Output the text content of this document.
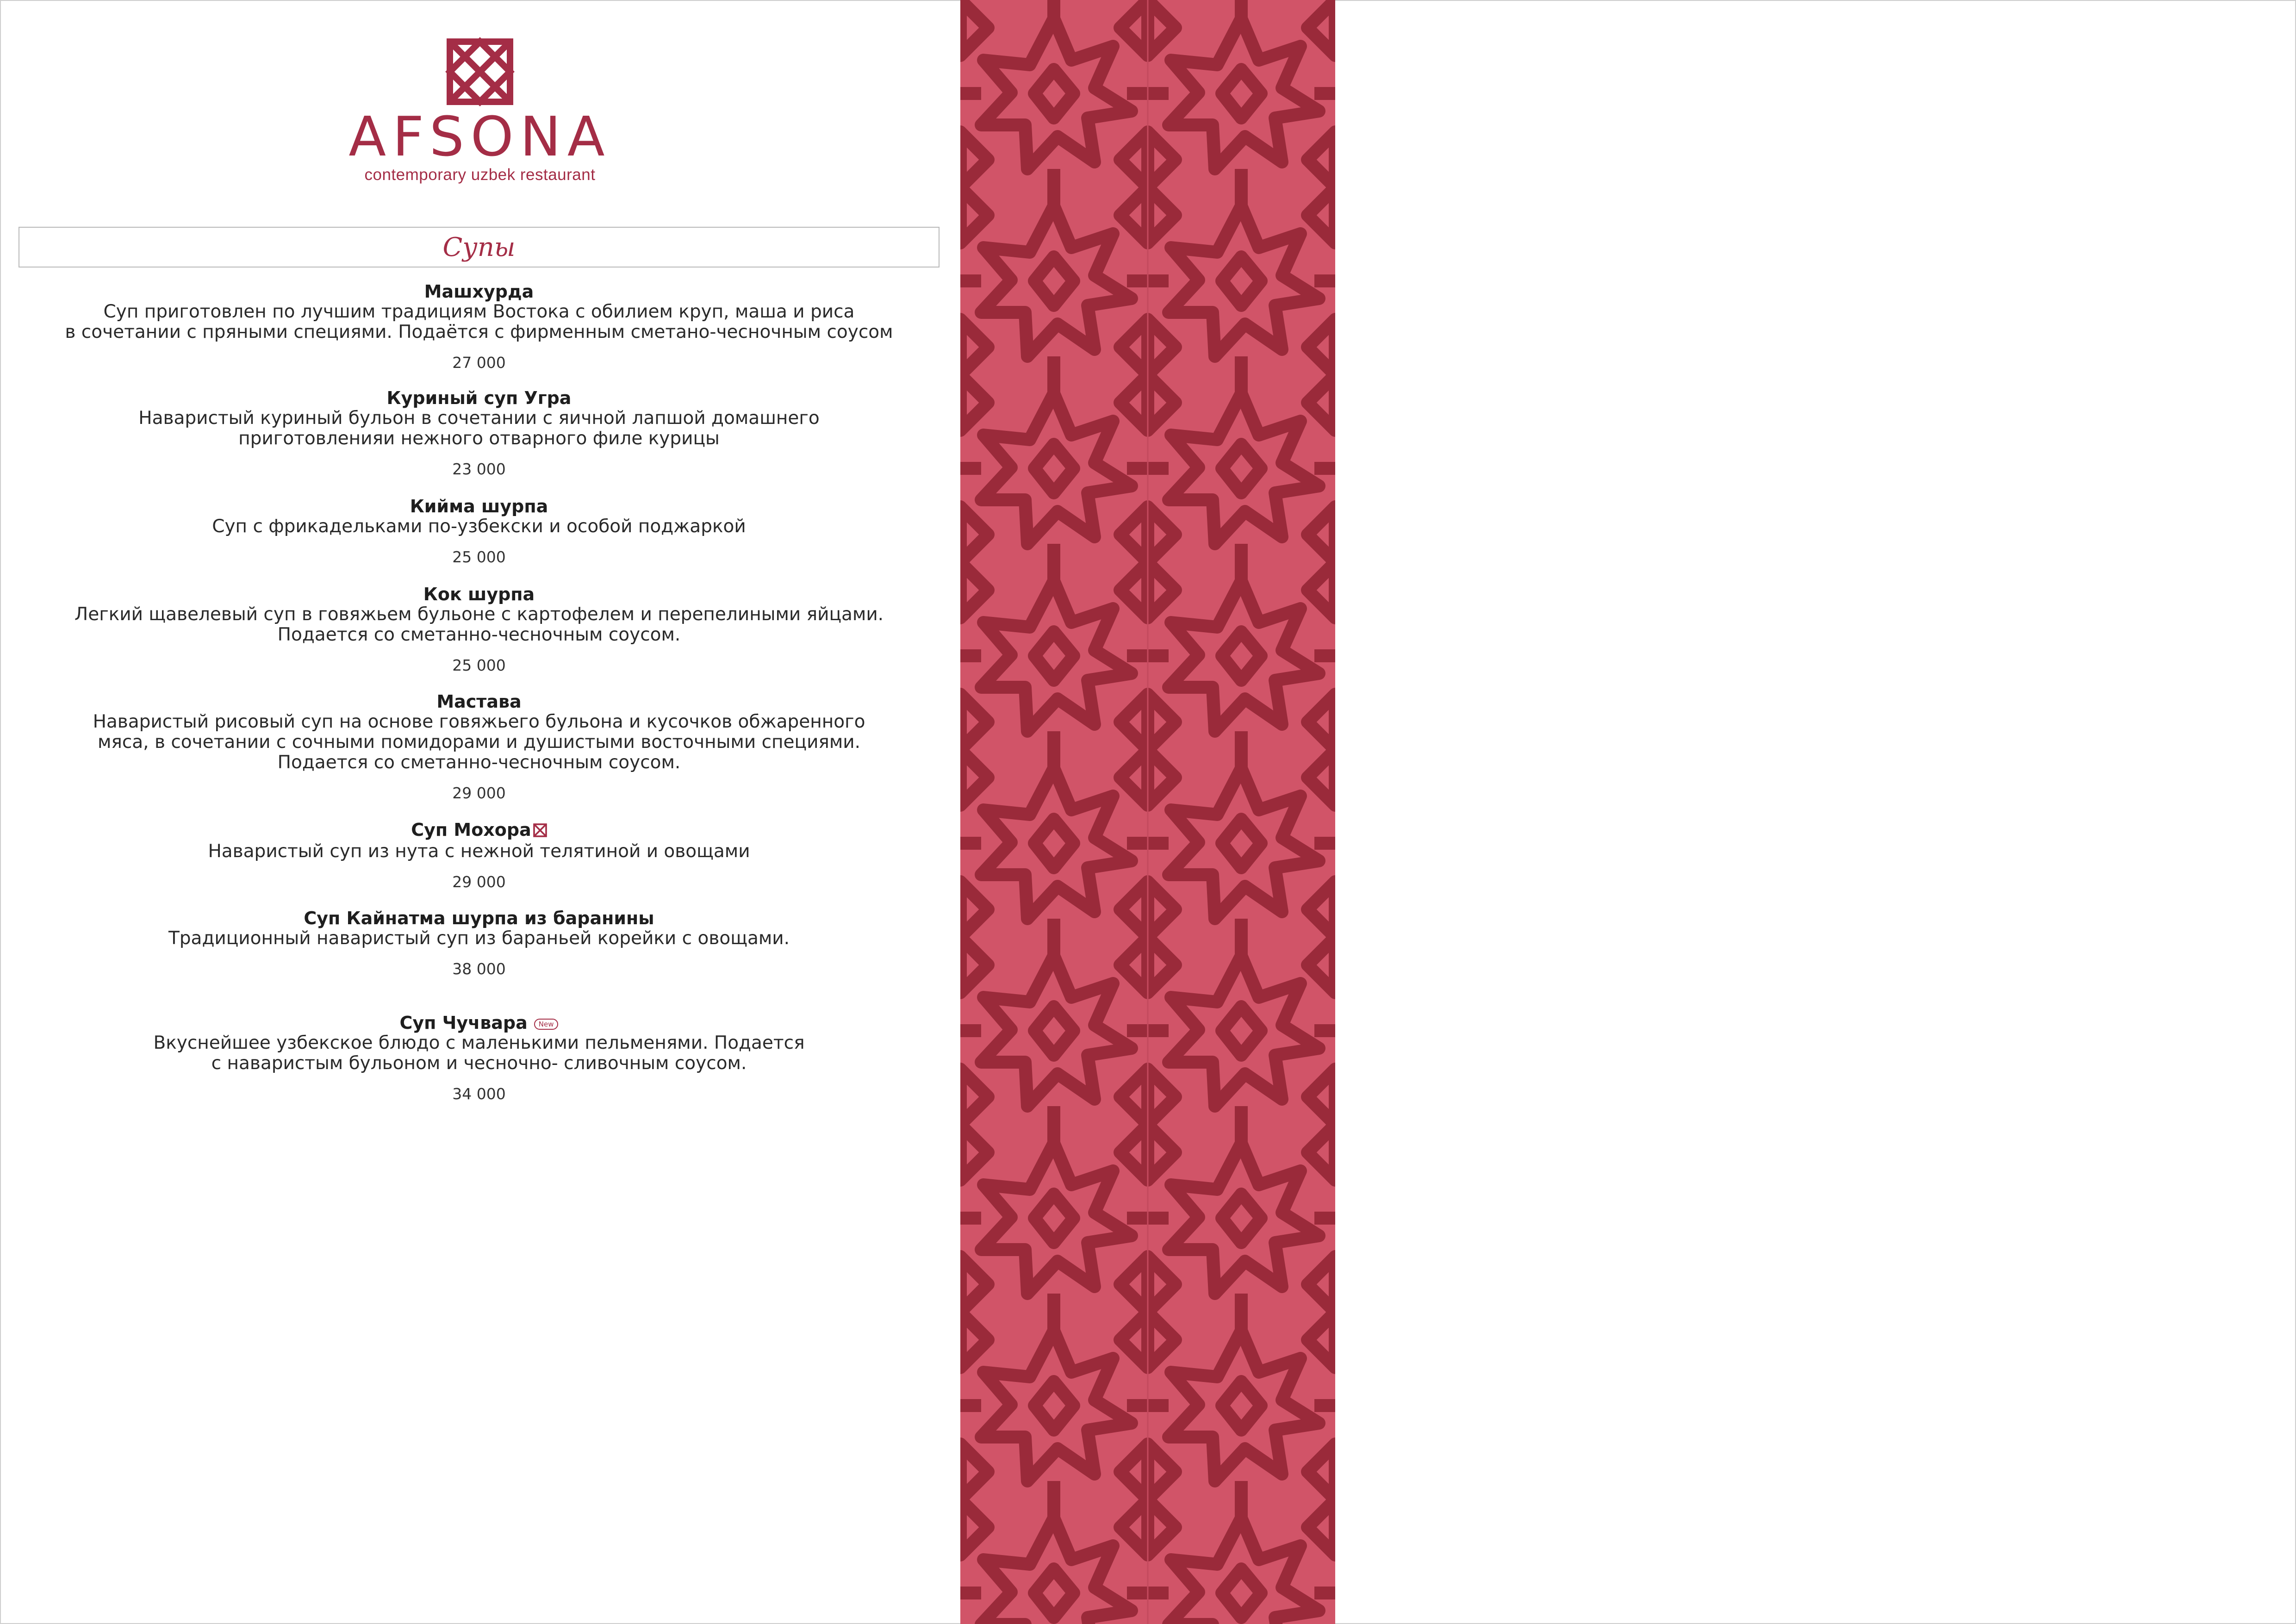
AFSONA
contemporary uzbek restaurant
Супы
Машхурда
Суп приготовлен по лучшим традициям Востока с обилием круп, маша и риса
в сочетании с пряными специями. Подаётся с фирменным сметано-чесночным соусом
27 000
Куриный суп Угра
Наваристый куриный бульон в сочетании с яичной лапшой домашнего
приготовленияи нежного отварного филе курицы
23 000
Кийма шурпа
Суп с фрикадельками по-узбекски и особой поджаркой
25 000
Кок шурпа
Легкий щавелевый суп в говяжьем бульоне с картофелем и перепелиными яйцами.
Подается со сметанно-чесночным соусом.
25 000
Мастава
Наваристый рисовый суп на основе говяжьего бульона и кусочков обжаренного
мяса, в сочетании с сочными помидорами и душистыми восточными специями.
Подается со сметанно-чесночным соусом.
29 000
Суп Мохора
Наваристый суп из нута с нежной телятиной и овощами
29 000
Суп Кайнатма шурпа из баранины
Традиционный наваристый суп из бараньей корейки с овощами.
38 000
Суп Чучвара New
Вкуснейшее узбекское блюдо с маленькими пельменями. Подается
с наваристым бульоном и чесночно- сливочным соусом.
34 000
